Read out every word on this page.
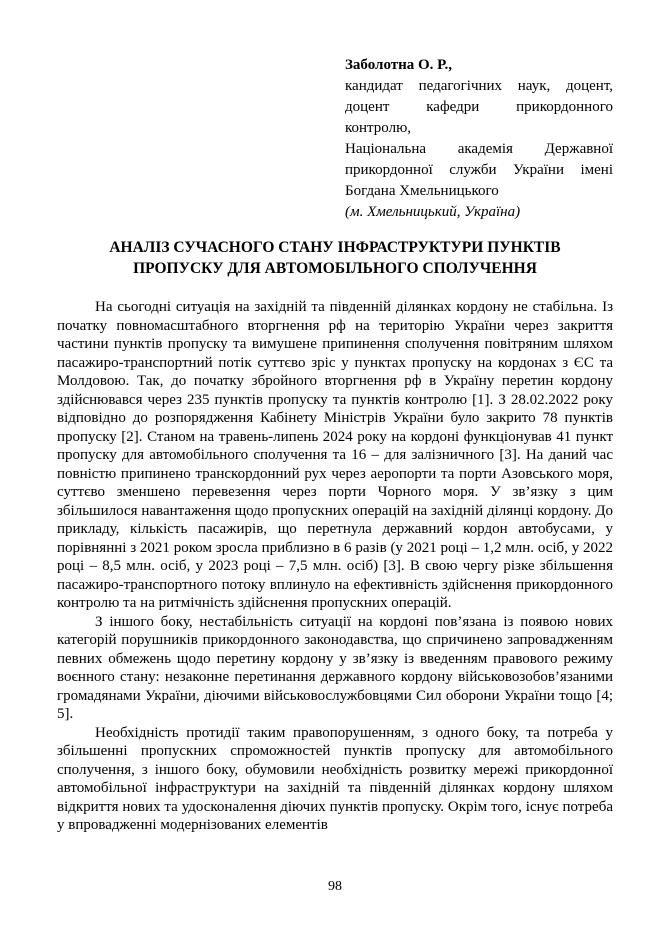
Заболотна О. Р.,

кандидат педагогічних наук, доцент, доцент кафедри прикордонного контролю,

Національна академія Державної прикордонної служби України імені Богдана Хмельницького

(м. Хмельницький, Україна)

АНАЛІЗ СУЧАСНОГО СТАНУ ІНФРАСТРУКТУРИ ПУНКТІВ ПРОПУСКУ ДЛЯ АВТОМОБІЛЬНОГО СПОЛУЧЕННЯ

На сьогодні ситуація на західній та південній ділянках кордону не стабільна. Із початку повномасштабного вторгнення рф на територію України через закриття частини пунктів пропуску та вимушене припинення сполучення повітряним шляхом пасажиро-транспортний потік суттєво зріс у пунктах пропуску на кордонах з ЄС та Молдовою. Так, до початку збройного вторгнення рф в Україну перетин кордону здійснювався через 235 пунктів пропуску та пунктів контролю [1]. З 28.02.2022 року відповідно до розпорядження Кабінету Міністрів України було закрито 78 пунктів пропуску [2]. Станом на травень-липень 2024 року на кордоні функціонував 41 пункт пропуску для автомобільного сполучення та 16 – для залізничного [3]. На даний час повністю припинено транскордонний рух через аеропорти та порти Азовського моря, суттєво зменшено перевезення через порти Чорного моря. У зв’язку з цим збільшилося навантаження щодо пропускних операцій на західній ділянці кордону. До прикладу, кількість пасажирів, що перетнула державний кордон автобусами, у порівнянні з 2021 роком зросла приблизно в 6 разів (у 2021 році – 1,2 млн. осіб, у 2022 році – 8,5 млн. осіб, у 2023 році – 7,5 млн. осіб) [3]. В свою чергу різке збільшення пасажиро-транспортного потоку вплинуло на ефективність здійснення прикордонного контролю та на ритмічність здійснення пропускних операцій.

З іншого боку, нестабільність ситуації на кордоні пов’язана із появою нових категорій порушників прикордонного законодавства, що спричинено запровадженням певних обмежень щодо перетину кордону у зв’язку із введенням правового режиму воєнного стану: незаконне перетинання державного кордону військовозобов’язаними громадянами України, діючими військовослужбовцями Сил оборони України тощо [4; 5].

Необхідність протидії таким правопорушенням, з одного боку, та потреба у збільшенні пропускних спроможностей пунктів пропуску для автомобільного сполучення, з іншого боку, обумовили необхідність розвитку мережі прикордонної автомобільної інфраструктури на західній та південній ділянках кордону шляхом відкриття нових та удосконалення діючих пунктів пропуску. Окрім того, існує потреба у впровадженні модернізованих елементів

98
